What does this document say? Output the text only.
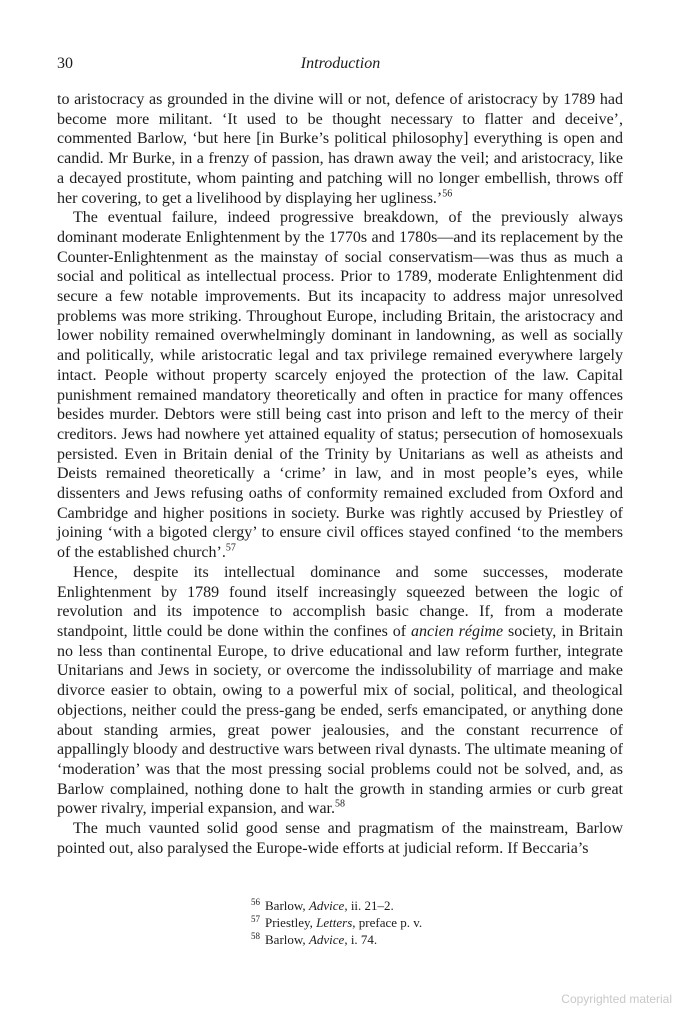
30	Introduction

to aristocracy as grounded in the divine will or not, defence of aristocracy by 1789 had become more militant. ‘It used to be thought necessary to flatter and deceive’, commented Barlow, ‘but here [in Burke’s political philosophy] everything is open and candid. Mr Burke, in a frenzy of passion, has drawn away the veil; and aristocracy, like a decayed prostitute, whom painting and patching will no longer embellish, throws off her covering, to get a livelihood by displaying her ugliness.’$^{56}$

The eventual failure, indeed progressive breakdown, of the previously always dominant moderate Enlightenment by the 1770s and 1780s—and its replacement by the Counter-Enlightenment as the mainstay of social conservatism—was thus as much a social and political as intellectual process. Prior to 1789, moderate Enlightenment did secure a few notable improvements. But its incapacity to address major unresolved problems was more striking. Throughout Europe, including Britain, the aristocracy and lower nobility remained overwhelmingly dominant in landowning, as well as socially and politically, while aristocratic legal and tax privilege remained everywhere largely intact. People without property scarcely enjoyed the protection of the law. Capital punishment remained mandatory theoretically and often in practice for many offences besides murder. Debtors were still being cast into prison and left to the mercy of their creditors. Jews had nowhere yet attained equality of status; persecution of homosexuals persisted. Even in Britain denial of the Trinity by Unitarians as well as atheists and Deists remained theoretically a ‘crime’ in law, and in most people’s eyes, while dissenters and Jews refusing oaths of conformity remained excluded from Oxford and Cambridge and higher positions in society. Burke was rightly accused by Priestley of joining ‘with a bigoted clergy’ to ensure civil offices stayed confined ‘to the members of the established church’.$^{57}$

Hence, despite its intellectual dominance and some successes, moderate Enlightenment by 1789 found itself increasingly squeezed between the logic of revolution and its impotence to accomplish basic change. If, from a moderate standpoint, little could be done within the confines of ancien régime society, in Britain no less than continental Europe, to drive educational and law reform further, integrate Unitarians and Jews in society, or overcome the indissolubility of marriage and make divorce easier to obtain, owing to a powerful mix of social, political, and theological objections, neither could the press-gang be ended, serfs emancipated, or anything done about standing armies, great power jealousies, and the constant recurrence of appallingly bloody and destructive wars between rival dynasts. The ultimate meaning of ‘moderation’ was that the most pressing social problems could not be solved, and, as Barlow complained, nothing done to halt the growth in standing armies or curb great power rivalry, imperial expansion, and war.$^{58}$

The much vaunted solid good sense and pragmatism of the mainstream, Barlow pointed out, also paralysed the Europe-wide efforts at judicial reform. If Beccaria’s

$^{56}$ Barlow, Advice, ii. 21–2.
$^{57}$ Priestley, Letters, preface p. v.
$^{58}$ Barlow, Advice, i. 74.
Copyrighted material
